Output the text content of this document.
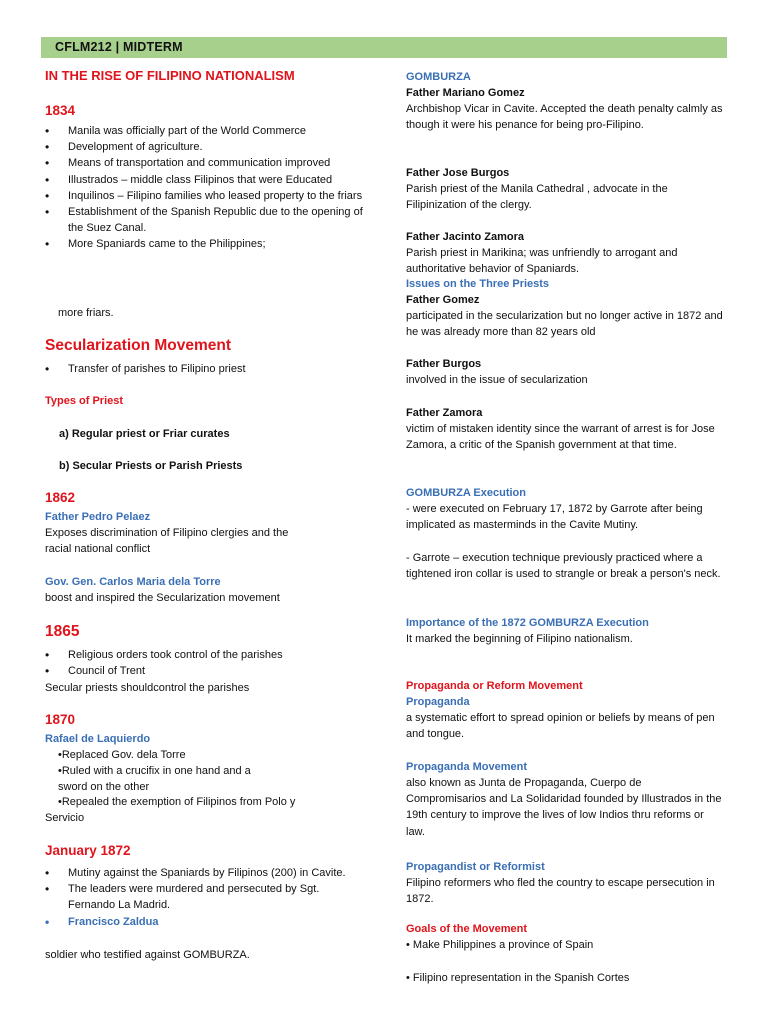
CFLM212 | MIDTERM

IN THE RISE OF FILIPINO NATIONALISM

1834

• Manila was officially part of the World Commerce
• Development of agriculture.
• Means of transportation and communication improved
• Illustrados – middle class Filipinos that were Educated
• Inquilinos – Filipino families who leased property to the friars
• Establishment of the Spanish Republic due to the opening of the Suez Canal.
• More Spaniards came to the Philippines;

more friars.

Secularization Movement

• Transfer of parishes to Filipino priest

Types of Priest

a) Regular priest or Friar curates

b) Secular Priests or Parish Priests

1862

Father Pedro Pelaez

Exposes discrimination of Filipino clergies and the racial national conflict

Gov. Gen. Carlos Maria dela Torre

boost and inspired the Secularization movement

1865

• Religious orders took control of the parishes
• Council of Trent

Secular priests shouldcontrol the parishes

1870

Rafael de Laquierdo

•Replaced Gov. dela Torre

•Ruled with a crucifix in one hand and a

sword on the other

•Repealed the exemption of Filipinos from Polo y

Servicio

January 1872

• Mutiny against the Spaniards by Filipinos (200) in Cavite.
• The leaders were murdered and persecuted by Sgt. Fernando La Madrid.
• Francisco Zaldua

soldier who testified against GOMBURZA.

GOMBURZA

Father Mariano Gomez

Archbishop Vicar in Cavite. Accepted the death penalty calmly as though it were his penance for being pro-Filipino.

Father Jose Burgos

Parish priest of the Manila Cathedral , advocate in the Filipinization of the clergy.

Father Jacinto Zamora

Parish priest in Marikina; was unfriendly to arrogant and authoritative behavior of Spaniards.

Issues on the Three Priests

Father Gomez

participated in the secularization but no longer active in 1872 and he was already more than 82 years old

Father Burgos

involved in the issue of secularization

Father Zamora

victim of mistaken identity since the warrant of arrest is for Jose Zamora, a critic of the Spanish government at that time.

GOMBURZA Execution

- were executed on February 17, 1872 by Garrote after being implicated as masterminds in the Cavite Mutiny.

- Garrote – execution technique previously practiced where a tightened iron collar is used to strangle or break a person's neck.

Importance of the 1872 GOMBURZA Execution

It marked the beginning of Filipino nationalism.

Propaganda or Reform Movement

Propaganda

a systematic effort to spread opinion or beliefs by means of pen and tongue.

Propaganda Movement

also known as Junta de Propaganda, Cuerpo de Compromisarios and La Solidaridad founded by Illustrados in the 19th century to improve the lives of low Indios thru reforms or law.

Propagandist or Reformist

Filipino reformers who fled the country to escape persecution in 1872.

Goals of the Movement

• Make Philippines a province of Spain

• Filipino representation in the Spanish Cortes
